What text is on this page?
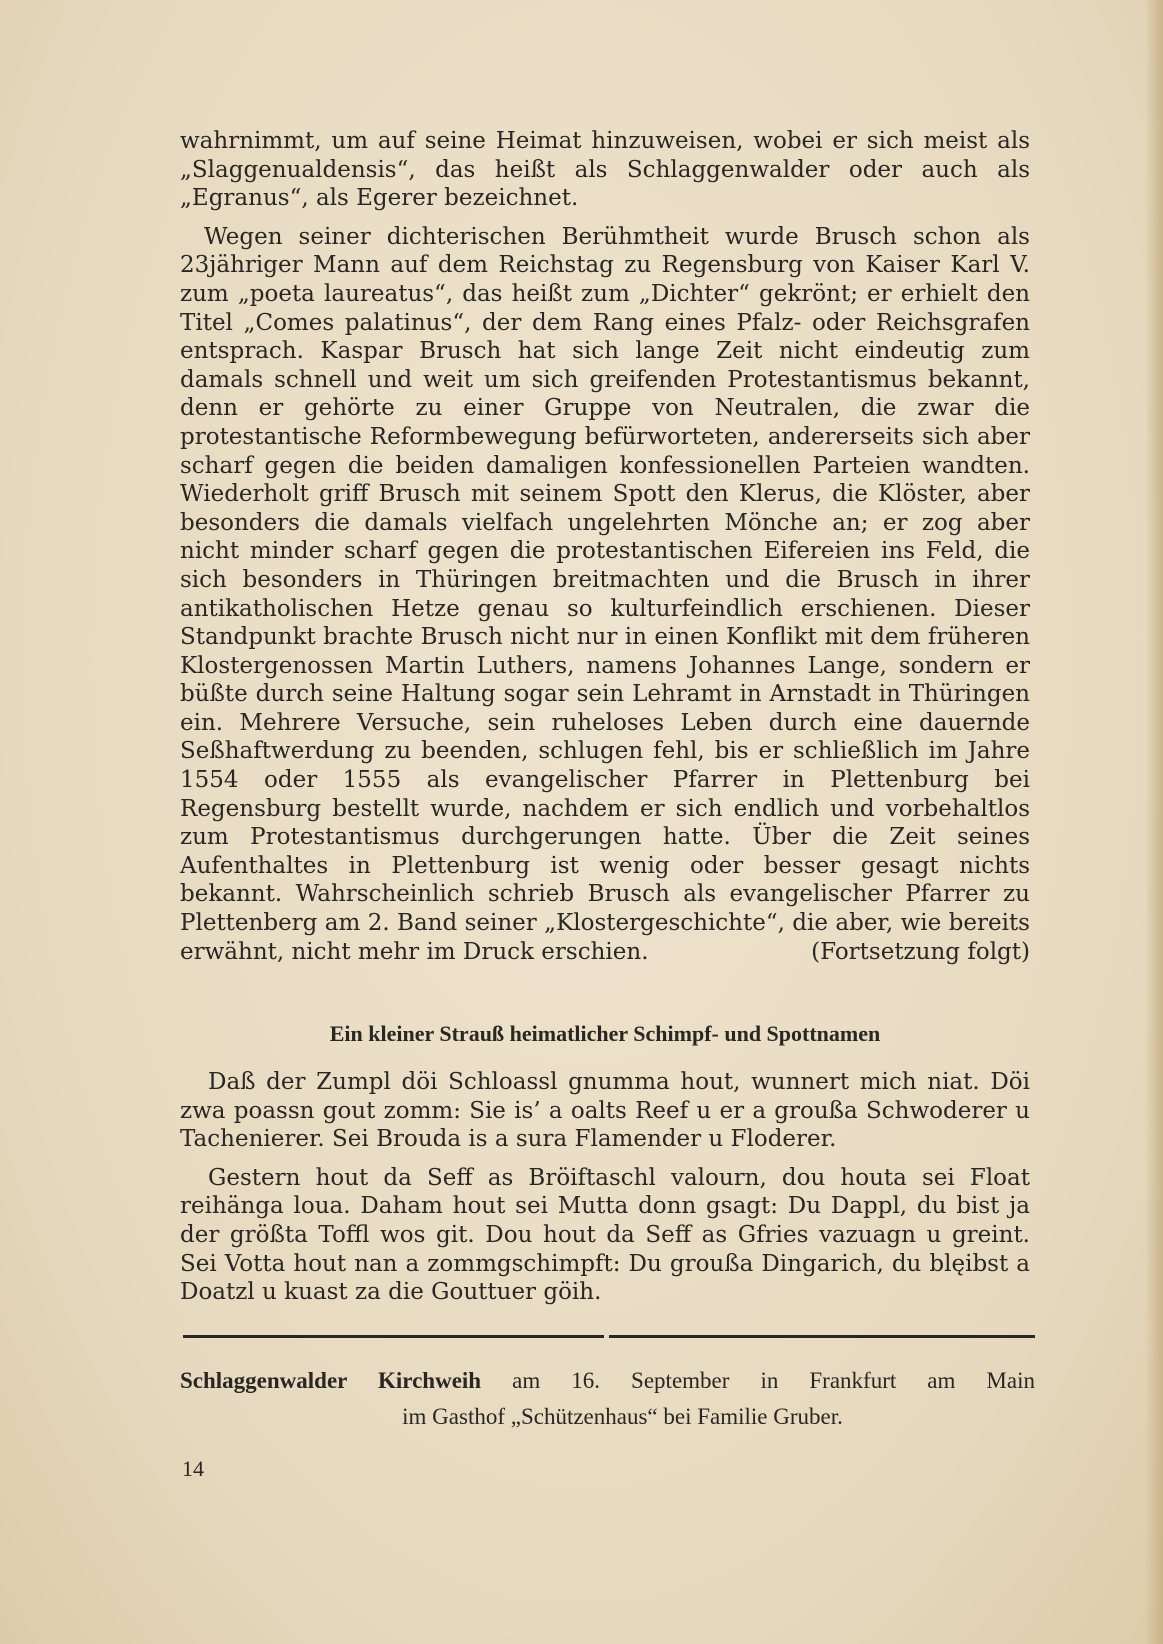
wahrnimmt, um auf seine Heimat hinzuweisen, wobei er sich meist als „Slaggenualdensis“, das heißt als Schlaggenwalder oder auch als „Egranus“, als Egerer bezeichnet.

Wegen seiner dichterischen Berühmtheit wurde Brusch schon als 23jähriger Mann auf dem Reichstag zu Regensburg von Kaiser Karl V. zum „poeta laureatus“, das heißt zum „Dichter“ gekrönt; er erhielt den Titel „Comes palatinus“, der dem Rang eines Pfalz- oder Reichsgrafen entsprach. Kaspar Brusch hat sich lange Zeit nicht eindeutig zum damals schnell und weit um sich greifenden Protestantismus bekannt, denn er gehörte zu einer Gruppe von Neutralen, die zwar die protestantische Reformbewegung befürworteten, andererseits sich aber scharf gegen die beiden damaligen konfessionellen Parteien wandten. Wiederholt griff Brusch mit seinem Spott den Klerus, die Klöster, aber besonders die damals vielfach ungelehrten Mönche an; er zog aber nicht minder scharf gegen die protestantischen Eifereien ins Feld, die sich besonders in Thüringen breitmachten und die Brusch in ihrer antikatholischen Hetze genau so kulturfeindlich erschienen. Dieser Standpunkt brachte Brusch nicht nur in einen Konflikt mit dem früheren Klostergenossen Martin Luthers, namens Johannes Lange, sondern er büßte durch seine Haltung sogar sein Lehramt in Arnstadt in Thüringen ein. Mehrere Versuche, sein ruheloses Leben durch eine dauernde Seßhaftwerdung zu beenden, schlugen fehl, bis er schließlich im Jahre 1554 oder 1555 als evangelischer Pfarrer in Plettenburg bei Regensburg bestellt wurde, nachdem er sich endlich und vorbehaltlos zum Protestantismus durchgerungen hatte. Über die Zeit seines Aufenthaltes in Plettenburg ist wenig oder besser gesagt nichts bekannt. Wahrscheinlich schrieb Brusch als evangelischer Pfarrer zu Plettenberg am 2. Band seiner „Klostergeschichte“, die aber, wie bereits erwähnt, nicht mehr im Druck erschien.	(Fortsetzung folgt)

Ein kleiner Strauß heimatlicher Schimpf- und Spottnamen

Daß der Zumpl döi Schloassl gnumma hout, wunnert mich niat. Döi zwa poassn gout zomm: Sie is’ a oalts Reef u er a groußa Schwoderer u Tachenierer. Sei Brouda is a sura Flamender u Floderer.

Gestern hout da Seff as Bröiftaschl valourn, dou houta sei Float reihänga loua. Daham hout sei Mutta donn gsagt: Du Dappl, du bist ja der größta Toffl wos git. Dou hout da Seff as Gfries vazuagn u greint. Sei Votta hout nan a zommgschimpft: Du groußa Dingarich, du blęibst a Doatzl u kuast za die Gouttuer göih.

Schlaggenwalder Kirchweih am 16. September in Frankfurt am Main
im Gasthof „Schützenhaus“ bei Familie Gruber.
14
